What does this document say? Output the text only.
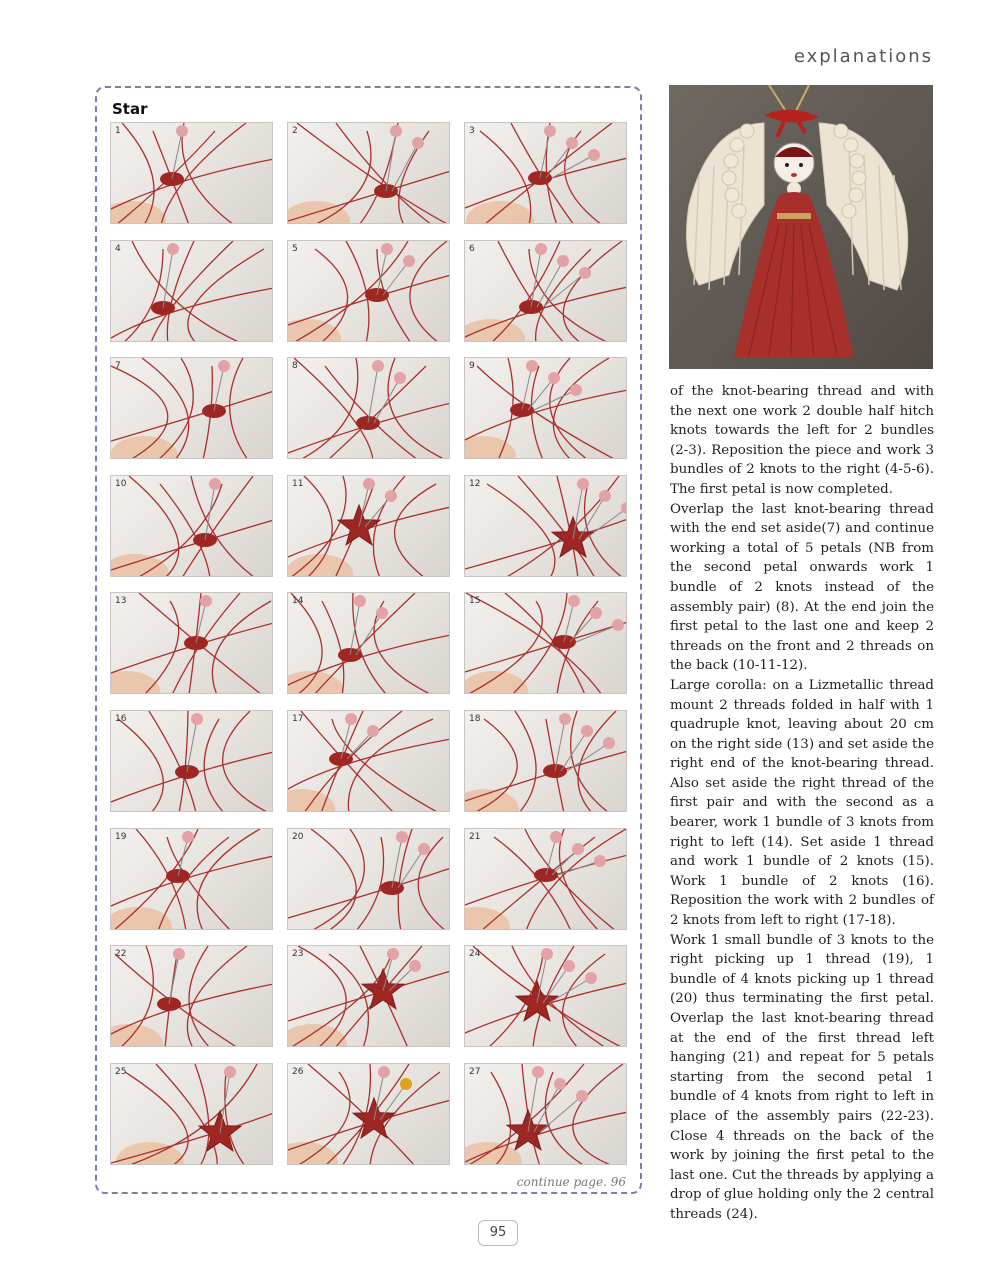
explanations
Star
1	2	3
4	5	6
7	8	9
10	11	12
13	14	15
16	17	18
19	20	21
22	23	24
25	26	27
continue page. 96

of the knot-bearing thread and with the next one work 2 double half hitch knots towards the left for 2 bundles (2-3). Reposition the piece and work 3 bundles of 2 knots to the right (4-5-6). The first petal is now completed.

Overlap the last knot-bearing thread with the end set aside(7) and continue working a total of 5 petals (NB from the second petal onwards work 1 bundle of 2 knots instead of the assembly pair) (8). At the end join the first petal to the last one and keep 2 threads on the front and 2 threads on the back (10-11-12).

Large corolla: on a Lizmetallic thread mount 2 threads folded in half with 1 quadruple knot, leaving about 20 cm on the right side (13) and set aside the right end of the knot-bearing thread. Also set aside the right thread of the first pair and with the second as a bearer, work 1 bundle of 3 knots from right to left (14). Set aside 1 thread and work 1 bundle of 2 knots (15). Work 1 bundle of 2 knots (16). Reposition the work with 2 bundles of 2 knots from left to right (17-18).

Work 1 small bundle of 3 knots to the right picking up 1 thread (19), 1 bundle of 4 knots picking up 1 thread (20) thus terminating the first petal. Overlap the last knot-bearing thread at the end of the first thread left hanging (21) and repeat for 5 petals starting from the second petal 1 bundle of 4 knots from right to left in place of the assembly pairs (22-23). Close 4 threads on the back of the work by joining the first petal to the last one. Cut the threads by applying a drop of glue holding only the 2 central threads (24).

95
